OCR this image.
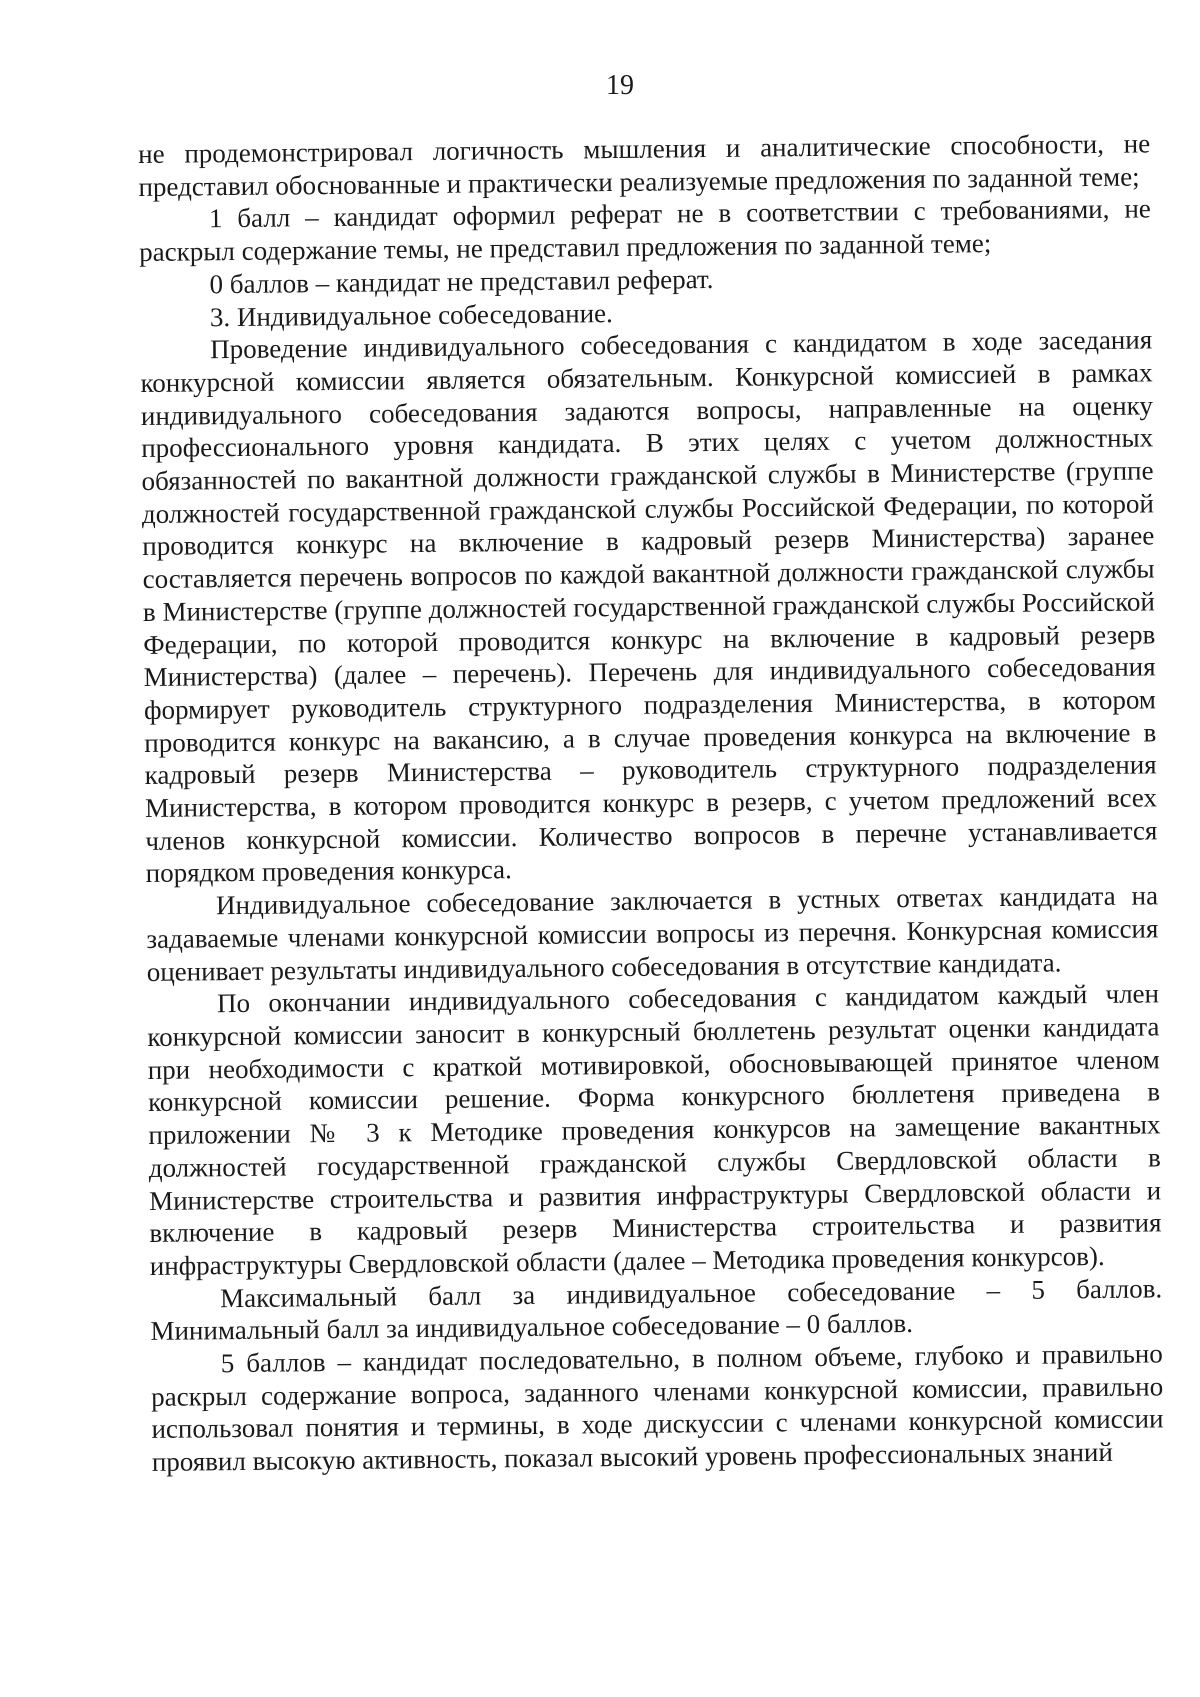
19

не продемонстрировал логичность мышления и аналитические способности, не представил обоснованные и практически реализуемые предложения по заданной теме;

1 балл – кандидат оформил реферат не в соответствии с требованиями, не раскрыл содержание темы, не представил предложения по заданной теме;

0 баллов – кандидат не представил реферат.

3. Индивидуальное собеседование.

Проведение индивидуального собеседования с кандидатом в ходе заседания конкурсной комиссии является обязательным. Конкурсной комиссией в рамках индивидуального собеседования задаются вопросы, направленные на оценку профессионального уровня кандидата. В этих целях с учетом должностных обязанностей по вакантной должности гражданской службы в Министерстве (группе должностей государственной гражданской службы Российской Федерации, по которой проводится конкурс на включение в кадровый резерв Министерства) заранее составляется перечень вопросов по каждой вакантной должности гражданской службы в Министерстве (группе должностей государственной гражданской службы Российской Федерации, по которой проводится конкурс на включение в кадровый резерв Министерства) (далее – перечень). Перечень для индивидуального собеседования формирует руководитель структурного подразделения Министерства, в котором проводится конкурс на вакансию, а в случае проведения конкурса на включение в кадровый резерв Министерства – руководитель структурного подразделения Министерства, в котором проводится конкурс в резерв, с учетом предложений всех членов конкурсной комиссии. Количество вопросов в перечне устанавливается порядком проведения конкурса.

Индивидуальное собеседование заключается в устных ответах кандидата на задаваемые членами конкурсной комиссии вопросы из перечня. Конкурсная комиссия оценивает результаты индивидуального собеседования в отсутствие кандидата.

По окончании индивидуального собеседования с кандидатом каждый член конкурсной комиссии заносит в конкурсный бюллетень результат оценки кандидата при необходимости с краткой мотивировкой, обосновывающей принятое членом конкурсной комиссии решение. Форма конкурсного бюллетеня приведена в приложении № 3 к Методике проведения конкурсов на замещение вакантных должностей государственной гражданской службы Свердловской области в Министерстве строительства и развития инфраструктуры Свердловской области и включение в кадровый резерв Министерства строительства и развития инфраструктуры Свердловской области (далее – Методика проведения конкурсов).

Максимальный балл за индивидуальное собеседование – 5 баллов. Минимальный балл за индивидуальное собеседование – 0 баллов.

5 баллов – кандидат последовательно, в полном объеме, глубоко и правильно раскрыл содержание вопроса, заданного членами конкурсной комиссии, правильно использовал понятия и термины, в ходе дискуссии с членами конкурсной комиссии проявил высокую активность, показал высокий уровень профессиональных знаний
